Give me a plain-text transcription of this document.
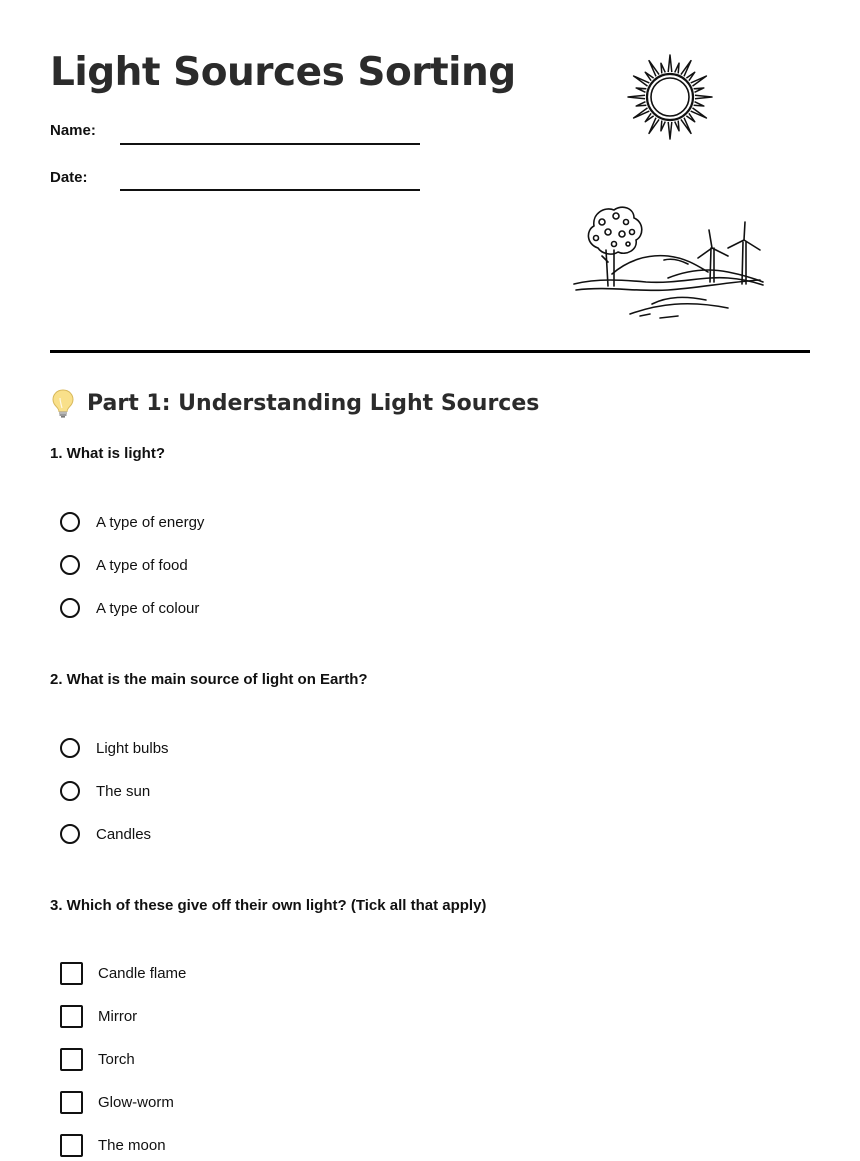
Light Sources Sorting
Name:
Date:
Part 1: Understanding Light Sources
1. What is light?
A type of energy
A type of food
A type of colour
2. What is the main source of light on Earth?
Light bulbs
The sun
Candles
3. Which of these give off their own light? (Tick all that apply)
Candle flame
Mirror
Torch
Glow-worm
The moon
